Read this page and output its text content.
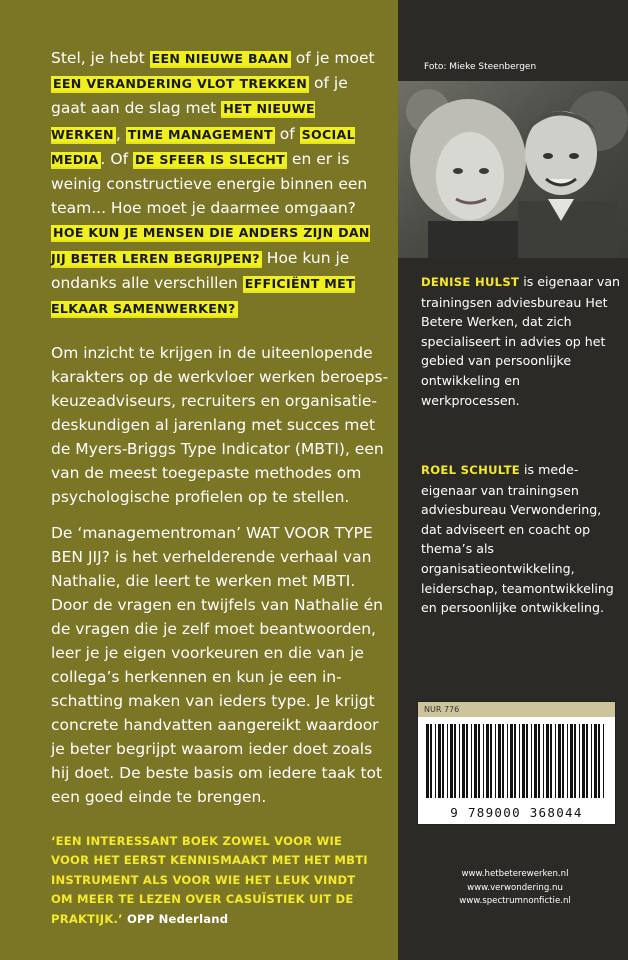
Stel, je hebt EEN NIEUWE BAAN of je moet EEN VERANDERING VLOT TREKKEN of je gaat aan de slag met HET NIEUWE WERKEN , TIME MANAGEMENT of SOCIAL MEDIA . Of DE SFEER IS SLECHT en er is weinig constructieve energie binnen een team... Hoe moet je daarmee omgaan? HOE KUN JE MENSEN DIE ANDERS ZIJN DAN JIJ BETER LEREN BEGRIJPEN? Hoe kun je ondanks alle verschillen EFFICIËNT MET ELKAAR SAMENWERKEN?
Om inzicht te krijgen in de uiteenlopende karakters op de werkvloer werken beroepskeuzeadviseurs, recruiters en organisatiedeskundigen al jarenlang met succes met de Myers-Briggs Type Indicator (MBTI), een van de meest toegepaste methodes om psychologische profielen op te stellen.
De ‘managementroman’ WAT VOOR TYPE BEN JIJ? is het verhelderende verhaal van Nathalie, die leert te werken met MBTI. Door de vragen en twijfels van Nathalie én de vragen die je zelf moet beantwoorden, leer je je eigen voorkeuren en die van je collega’s herkennen en kun je een inschatting maken van ieders type. Je krijgt concrete handvatten aangereikt waardoor je beter begrijpt waarom ieder doet zoals hij doet. De beste basis om iedere taak tot een goed einde te brengen.
‘EEN INTERESSANT BOEK ZOWEL VOOR WIE VOOR HET EERST KENNISMAAKT MET HET MBTI INSTRUMENT ALS VOOR WIE HET LEUK VINDT OM MEER TE LEZEN OVER CASUÏSTIEK UIT DE PRAKTIJK.’ OPP Nederland
Foto: Mieke Steenbergen
DENISE HULST is eigenaar van trainingsen adviesbureau Het Betere Werken, dat zich specialiseert in advies op het gebied van persoonlijke ontwikkeling en werkprocessen.
ROEL SCHULTE is medeeigenaar van trainingsen adviesbureau Verwondering, dat adviseert en coacht op thema’s als organisatieontwikkeling, leiderschap, teamontwikkeling en persoonlijke ontwikkeling.
NUR 776
9 789000 368044
www.hetbeterewerken.nl
www.verwondering.nu
www.spectrumnonfictie.nl
